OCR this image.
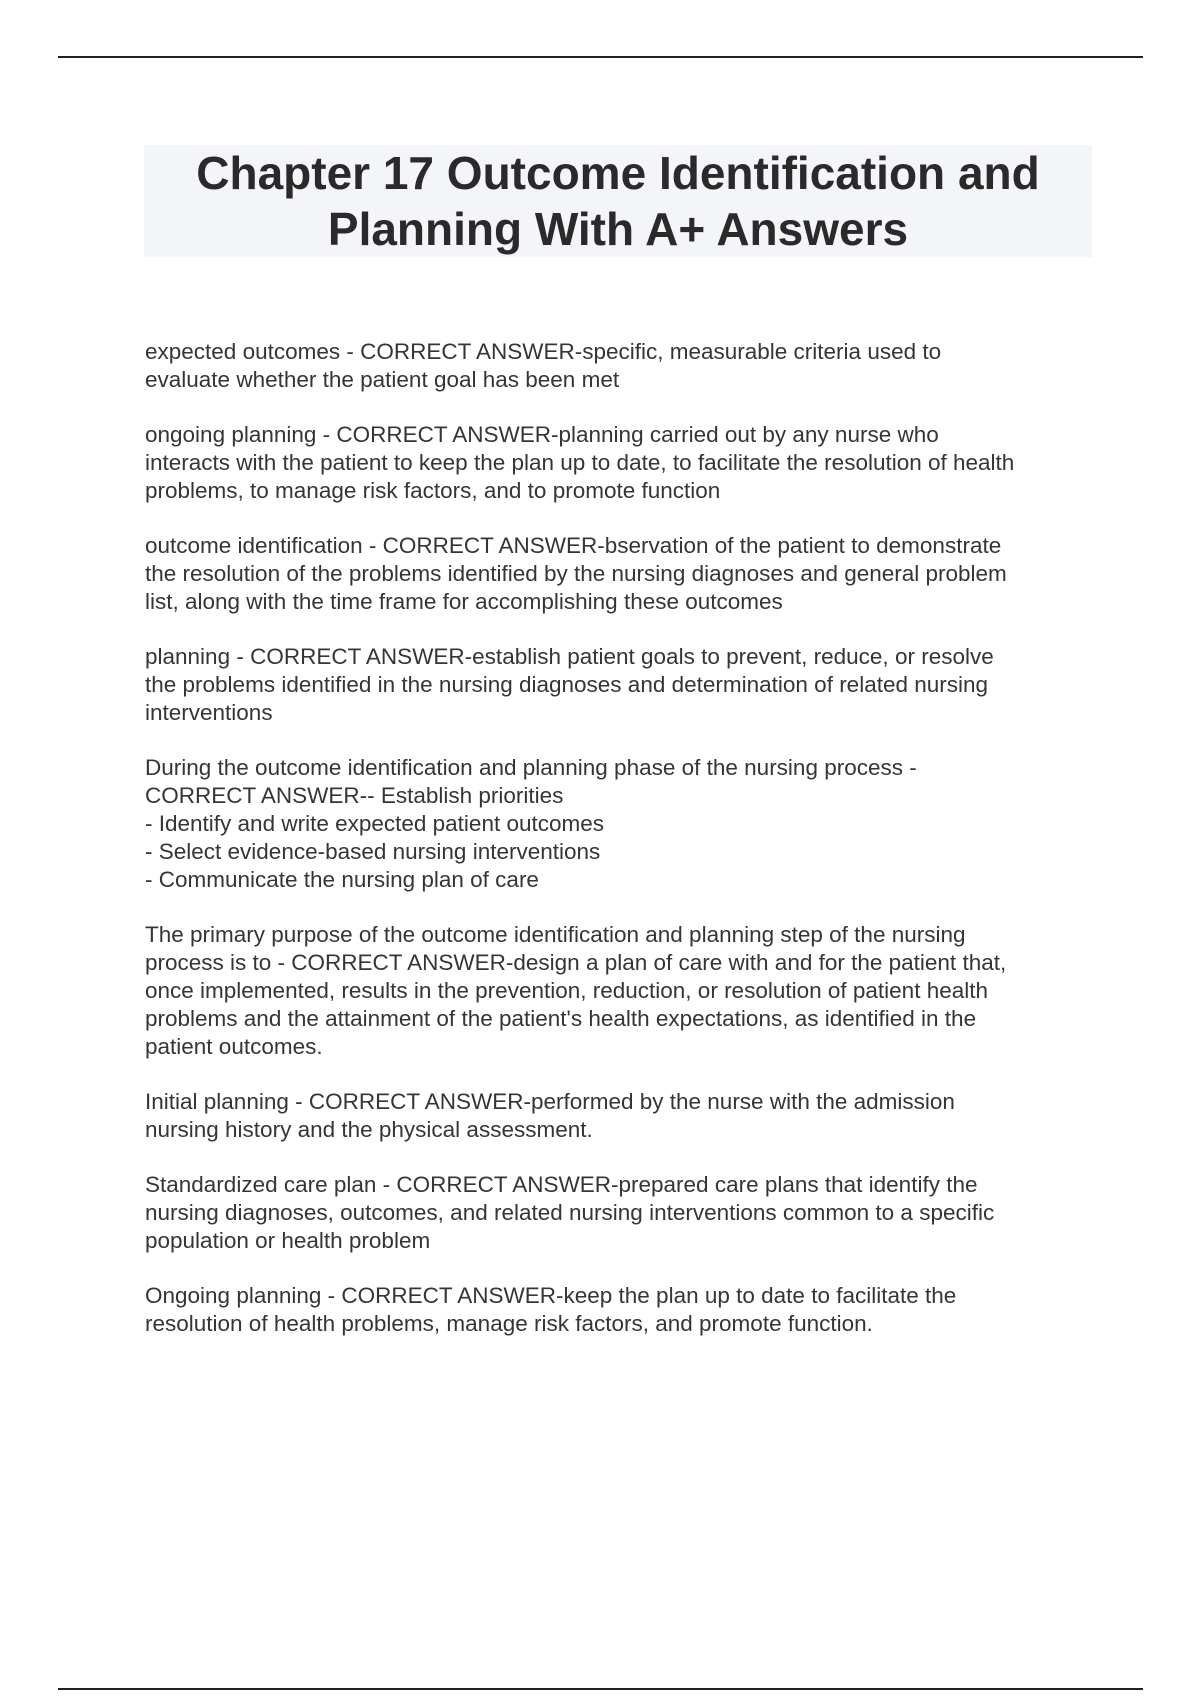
Chapter 17 Outcome Identification and
Planning With A+ Answers

expected outcomes - CORRECT ANSWER-specific, measurable criteria used to
evaluate whether the patient goal has been met

ongoing planning - CORRECT ANSWER-planning carried out by any nurse who
interacts with the patient to keep the plan up to date, to facilitate the resolution of health
problems, to manage risk factors, and to promote function

outcome identification - CORRECT ANSWER-bservation of the patient to demonstrate
the resolution of the problems identified by the nursing diagnoses and general problem
list, along with the time frame for accomplishing these outcomes

planning - CORRECT ANSWER-establish patient goals to prevent, reduce, or resolve
the problems identified in the nursing diagnoses and determination of related nursing
interventions

During the outcome identification and planning phase of the nursing process -
CORRECT ANSWER-- Establish priorities
- Identify and write expected patient outcomes
- Select evidence-based nursing interventions
- Communicate the nursing plan of care

The primary purpose of the outcome identification and planning step of the nursing
process is to - CORRECT ANSWER-design a plan of care with and for the patient that,
once implemented, results in the prevention, reduction, or resolution of patient health
problems and the attainment of the patient's health expectations, as identified in the
patient outcomes.

Initial planning - CORRECT ANSWER-performed by the nurse with the admission
nursing history and the physical assessment.

Standardized care plan - CORRECT ANSWER-prepared care plans that identify the
nursing diagnoses, outcomes, and related nursing interventions common to a specific
population or health problem

Ongoing planning - CORRECT ANSWER-keep the plan up to date to facilitate the
resolution of health problems, manage risk factors, and promote function.
